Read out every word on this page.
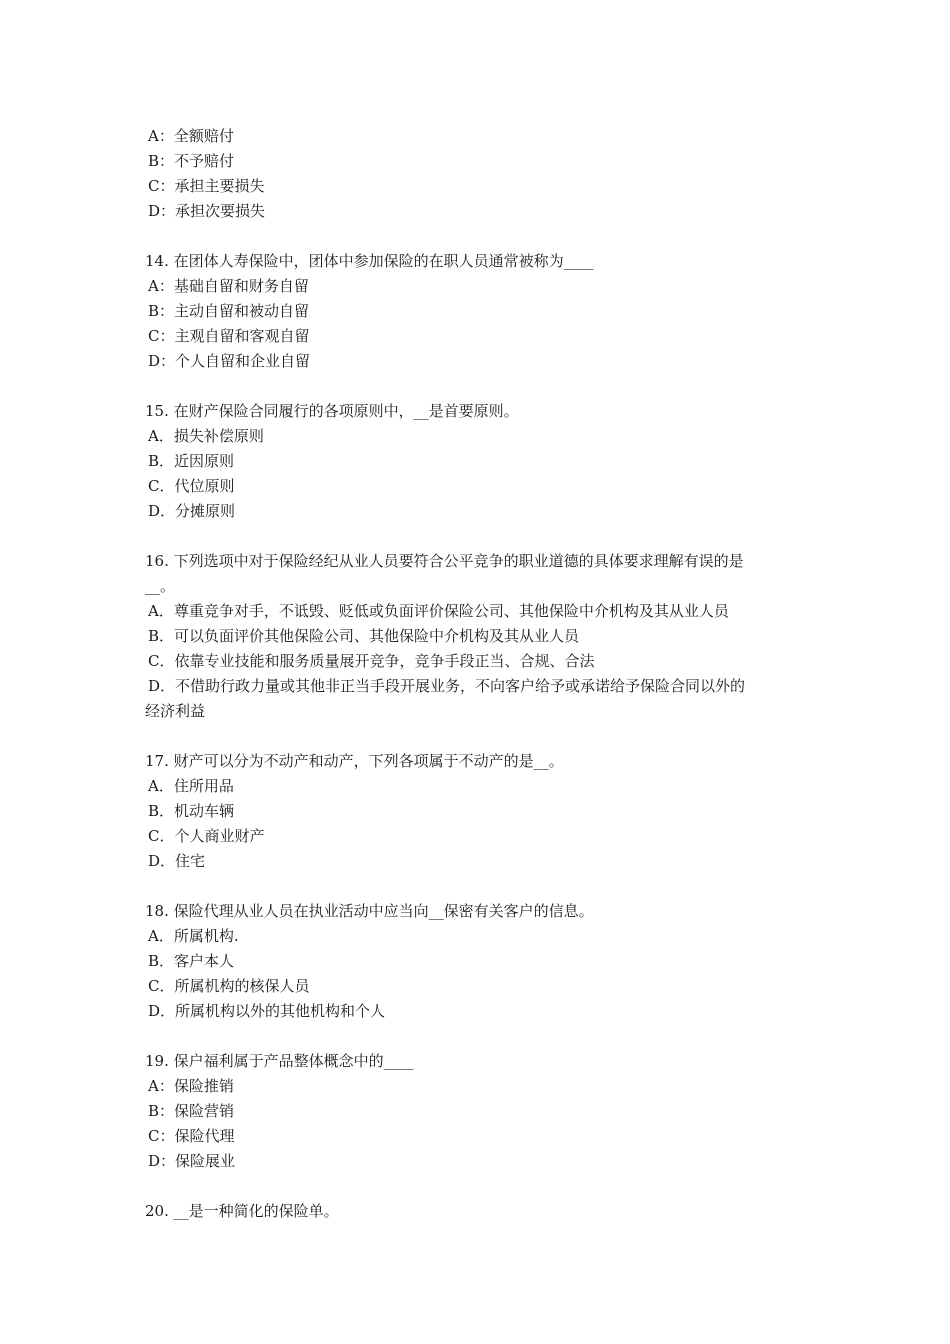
A：全额赔付

B：不予赔付

C：承担主要损失

D：承担次要损失

14. 在团体人寿保险中，团体中参加保险的在职人员通常被称为____

A：基础自留和财务自留

B：主动自留和被动自留

C：主观自留和客观自留

D：个人自留和企业自留

15. 在财产保险合同履行的各项原则中，__是首要原则。

A．损失补偿原则

B．近因原则

C．代位原则

D．分摊原则

16. 下列选项中对于保险经纪从业人员要符合公平竞争的职业道德的具体要求理解有误的是

__。

A．尊重竞争对手，不诋毁、贬低或负面评价保险公司、其他保险中介机构及其从业人员

B．可以负面评价其他保险公司、其他保险中介机构及其从业人员

C．依靠专业技能和服务质量展开竞争，竞争手段正当、合规、合法

D．不借助行政力量或其他非正当手段开展业务，不向客户给予或承诺给予保险合同以外的

经济利益

17. 财产可以分为不动产和动产，下列各项属于不动产的是__。

A．住所用品

B．机动车辆

C．个人商业财产

D．住宅

18. 保险代理从业人员在执业活动中应当向__保密有关客户的信息。

A．所属机构.

B．客户本人

C．所属机构的核保人员

D．所属机构以外的其他机构和个人

19. 保户福利属于产品整体概念中的____

A：保险推销

B：保险营销

C：保险代理

D：保险展业

20. __是一种简化的保险单。
